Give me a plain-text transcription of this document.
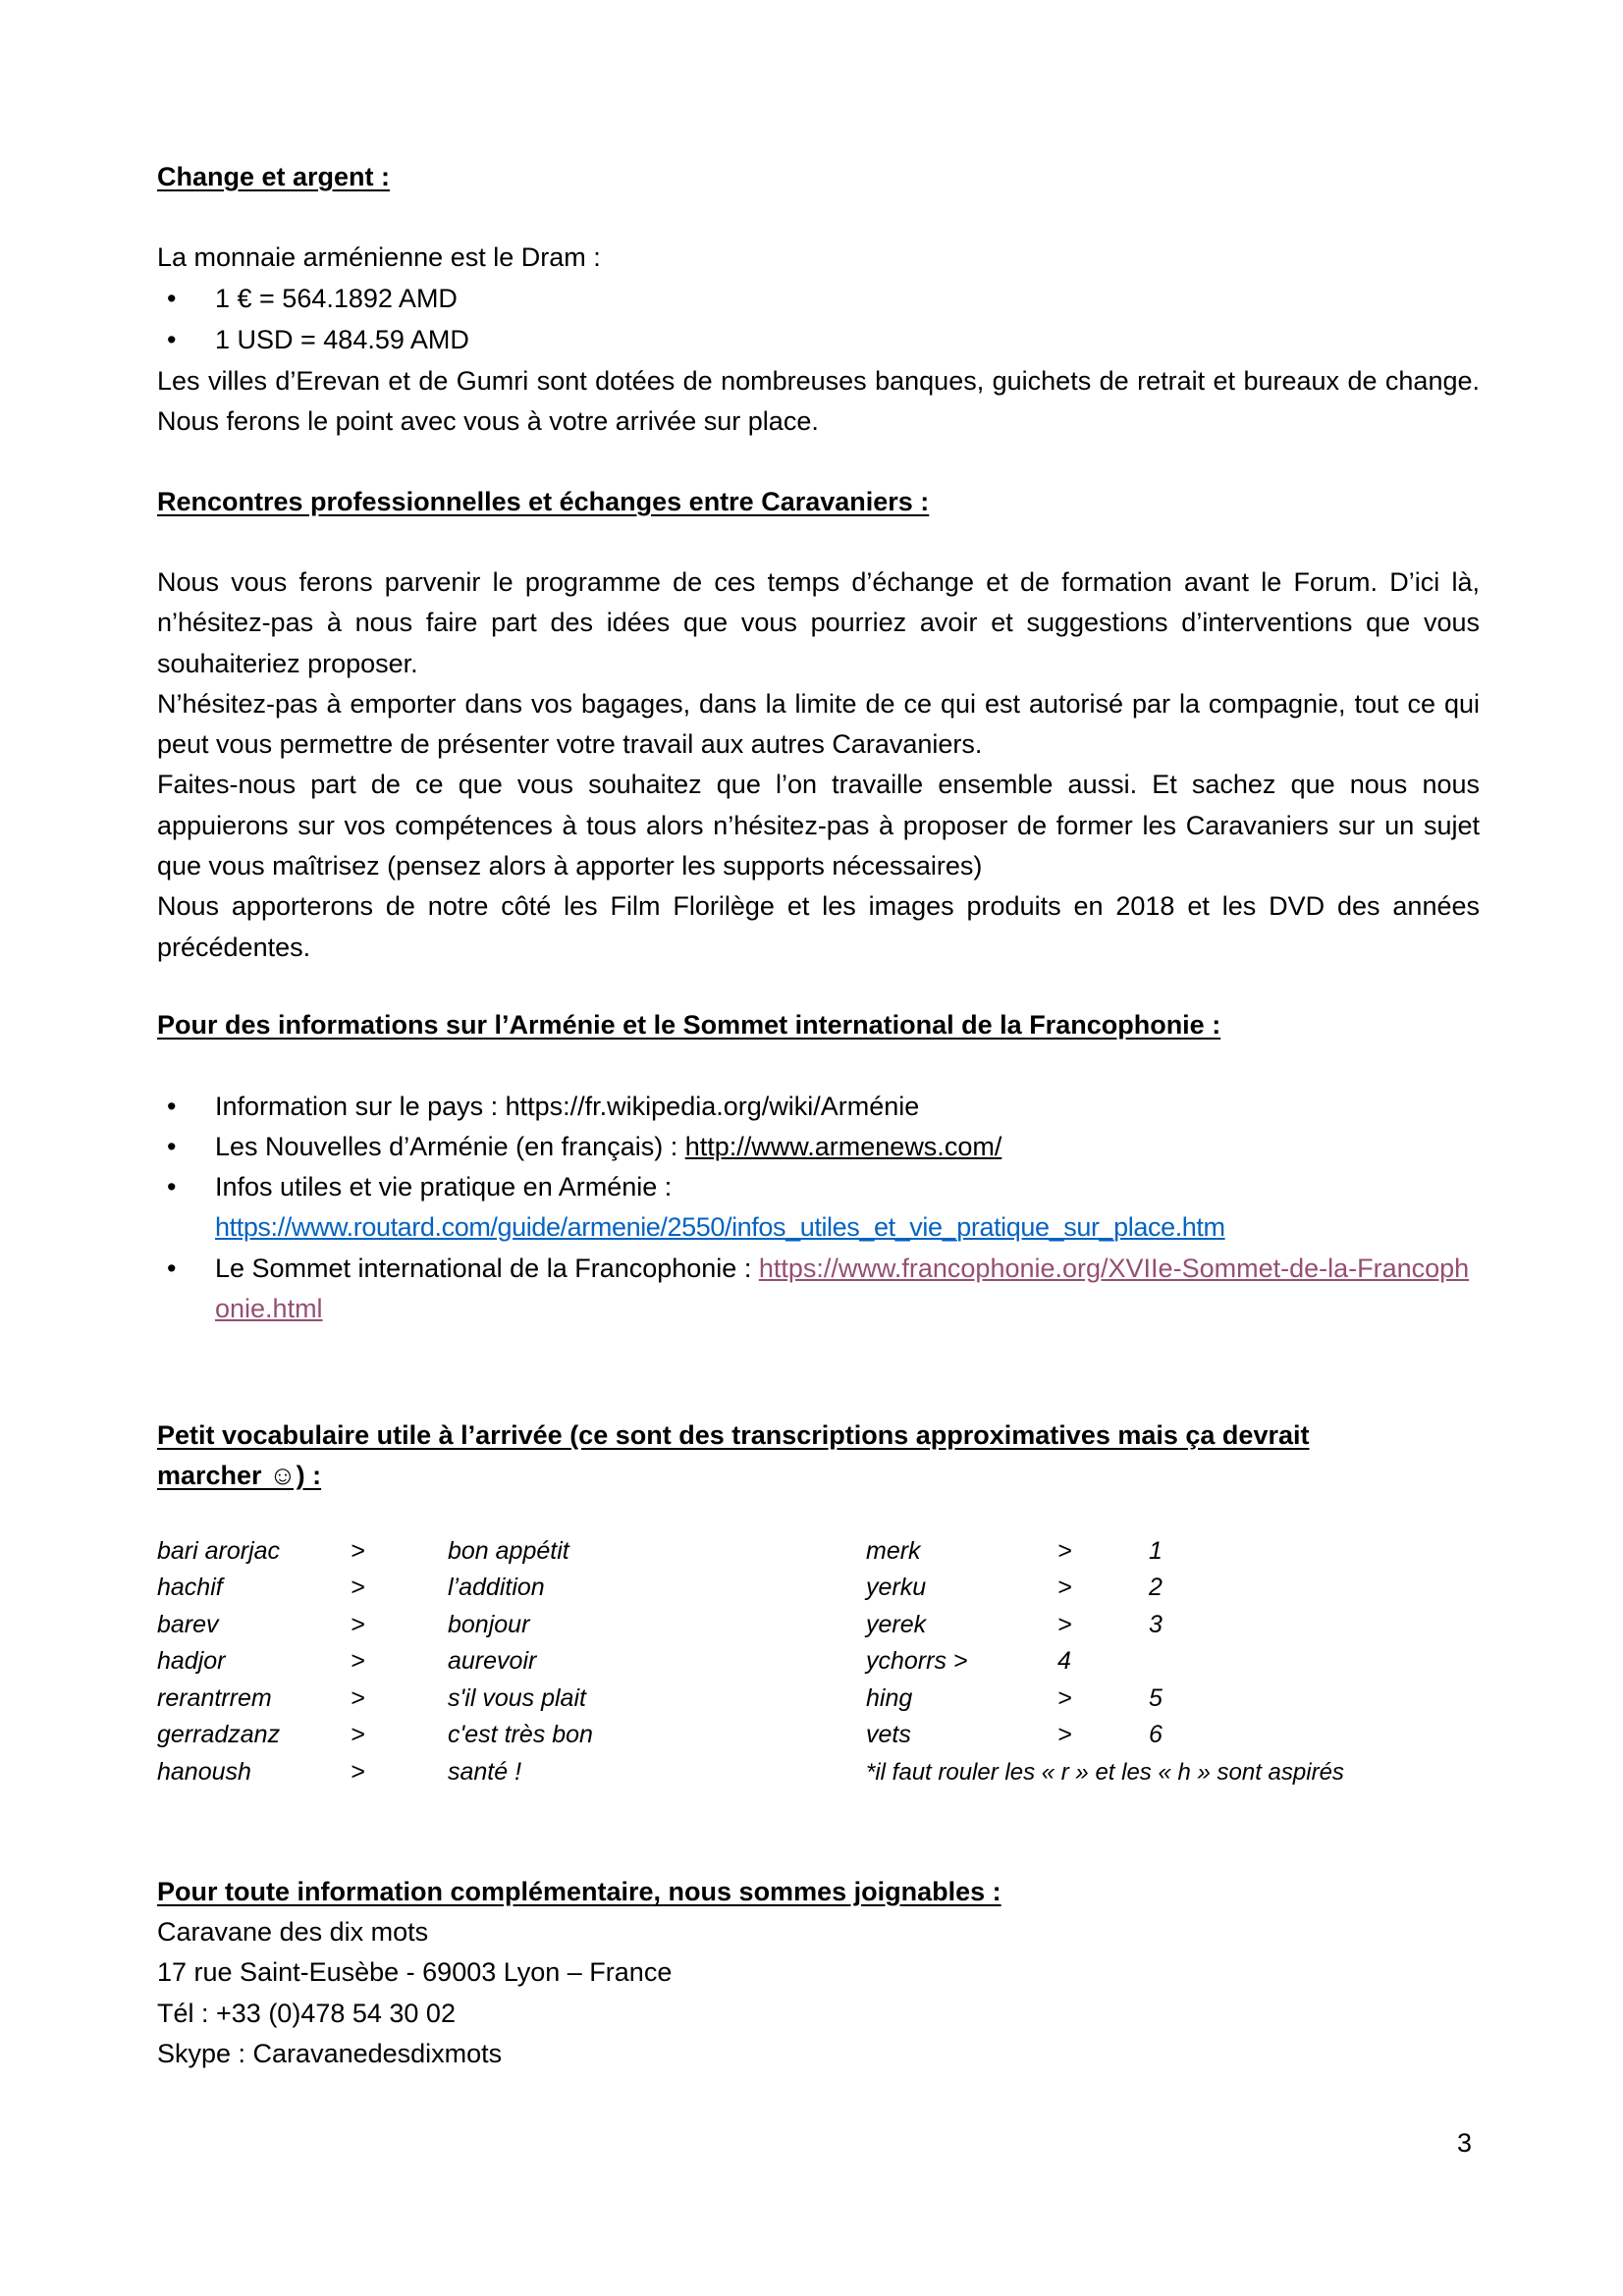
Change et argent :
La monnaie arménienne est le Dram :
• 1 € = 564.1892 AMD
• 1 USD = 484.59 AMD
Les villes d’Erevan et de Gumri sont dotées de nombreuses banques, guichets de retrait et bureaux de change. Nous ferons le point avec vous à votre arrivée sur place.
Rencontres professionnelles et échanges entre Caravaniers :
Nous vous ferons parvenir le programme de ces temps d’échange et de formation avant le Forum. D’ici là, n’hésitez-pas à nous faire part des idées que vous pourriez avoir et suggestions d’interventions que vous souhaiteriez proposer.
N’hésitez-pas à emporter dans vos bagages, dans la limite de ce qui est autorisé par la compagnie, tout ce qui peut vous permettre de présenter votre travail aux autres Caravaniers.
Faites-nous part de ce que vous souhaitez que l’on travaille ensemble aussi. Et sachez que nous nous appuierons sur vos compétences à tous alors n’hésitez-pas à proposer de former les Caravaniers sur un sujet que vous maîtrisez (pensez alors à apporter les supports nécessaires)
Nous apporterons de notre côté les Film Florilège et les images produits en 2018 et les DVD des années précédentes.
Pour des informations sur l’Arménie et le Sommet international de la Francophonie :
• Information sur le pays : https://fr.wikipedia.org/wiki/Arménie
• Les Nouvelles d’Arménie (en français) : http://www.armenews.com/
• Infos utiles et vie pratique en Arménie :
https://www.routard.com/guide/armenie/2550/infos_utiles_et_vie_pratique_sur_place.htm
• Le Sommet international de la Francophonie : https://www.francophonie.org/XVIIe-Sommet-de-la-Francophonie.html
Petit vocabulaire utile à l’arrivée (ce sont des transcriptions approximatives mais ça devrait
marcher ☺) :
bari arorjac	>	bon appétit
hachif	>	l’addition
barev	>	bonjour
hadjor	>	aurevoir
rerantrrem	>	s'il vous plait
gerradzanz	>	c'est très bon
hanoush	>	santé !
merk	>	1
yerku	>	2
yerek	>	3
ychorrs >	4
hing	>	5
vets	>	6
*il faut rouler les « r » et les « h » sont aspirés
Pour toute information complémentaire, nous sommes joignables :
Caravane des dix mots
17 rue Saint-Eusèbe - 69003 Lyon – France
Tél : +33 (0)478 54 30 02
Skype : Caravanedesdixmots
3
